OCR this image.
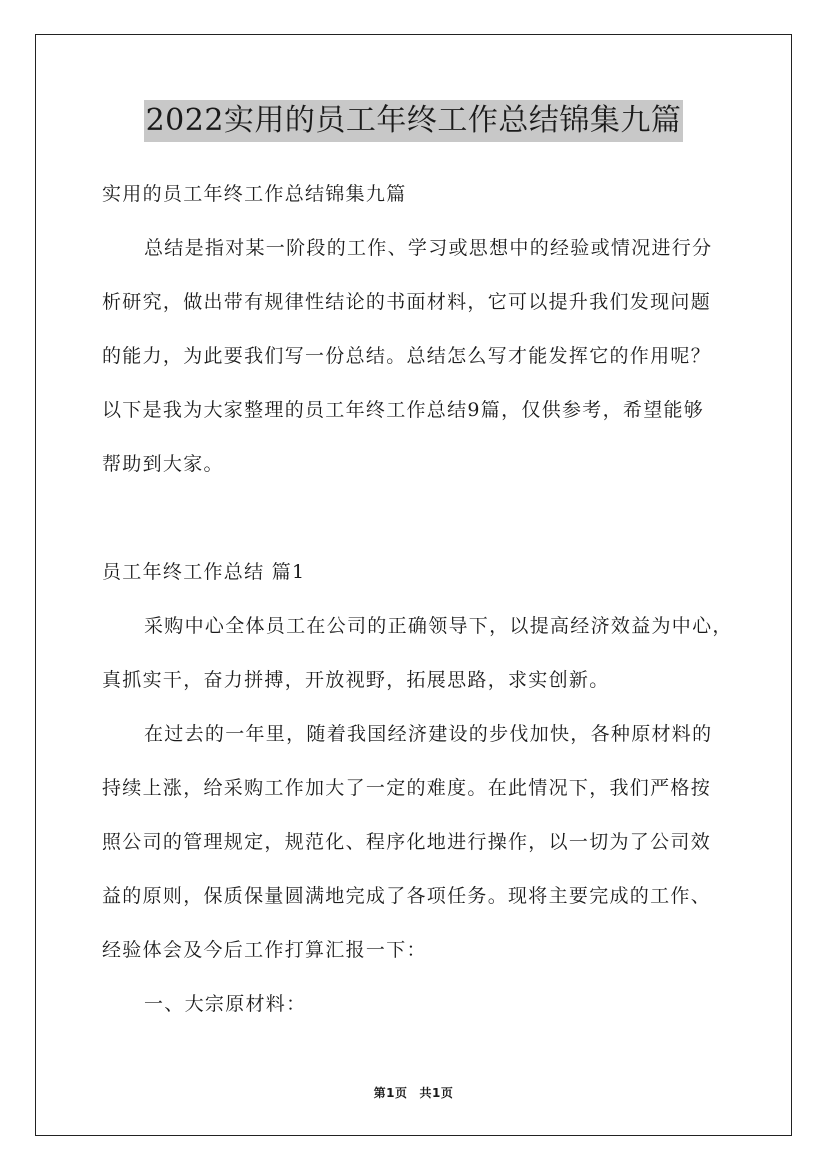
2022实用的员工年终工作总结锦集九篇
实用的员工年终工作总结锦集九篇
总结是指对某一阶段的工作、学习或思想中的经验或情况进行分
析研究，做出带有规律性结论的书面材料，它可以提升我们发现问题
的能力，为此要我们写一份总结。总结怎么写才能发挥它的作用呢？
以下是我为大家整理的员工年终工作总结9篇，仅供参考，希望能够
帮助到大家。
员工年终工作总结 篇1
采购中心全体员工在公司的正确领导下，以提高经济效益为中心，
真抓实干，奋力拼搏，开放视野，拓展思路，求实创新。
在过去的一年里，随着我国经济建设的步伐加快，各种原材料的
持续上涨，给采购工作加大了一定的难度。在此情况下，我们严格按
照公司的管理规定，规范化、程序化地进行操作，以一切为了公司效
益的原则，保质保量圆满地完成了各项任务。现将主要完成的工作、
经验体会及今后工作打算汇报一下：
一、大宗原材料：
第1页 共1页
